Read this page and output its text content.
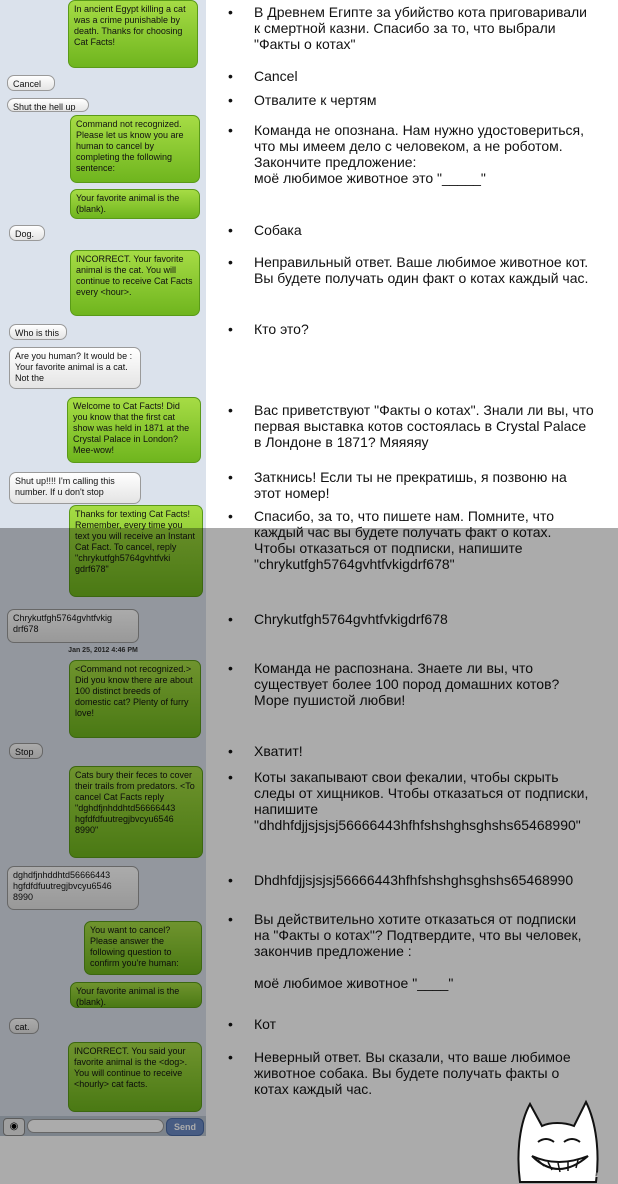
In ancient Egypt killing a cat was a crime punishable by death. Thanks for choosing Cat Facts!
Cancel
Shut the hell up
Command not recognized. Please let us know you are human to cancel by completing the following sentence:
Your favorite animal is the (blank).
Dog.
INCORRECT. Your favorite animal is the cat. You will continue to receive Cat Facts every <hour>.
Who is this
Are you human? It would be : Your favorite animal is a cat. Not the
Welcome to Cat Facts! Did you know that the first cat show was held in 1871 at the Crystal Palace in London? Mee-wow!
Shut up!!!! I'm calling this number. If u don't stop
Thanks for texting Cat Facts! Remember, every time you text you will receive an Instant Cat Fact. To cancel, reply "chrykutfgh5764gvhtfvki gdrf678"
Chrykutfgh5764gvhtfvkig drf678
<Command not recognized.> Did you know there are about 100 distinct breeds of domestic cat? Plenty of furry love!
Stop
Cats bury their feces to cover their trails from predators. <To cancel Cat Facts reply "dghdfjnhddhtd56666443 hgfdfdfuutregjbvcyu6546 8990"
dghdfjnhddhtd56666443 hgfdfdfuutregjbvcyu6546 8990
You want to cancel? Please answer the following question to confirm you're human:
Your favorite animal is the (blank).
cat.
INCORRECT. You said your favorite animal is the <dog>. You will continue to receive <hourly> cat facts.
• В Древнем Египте за убийство кота приговаривали к смертной казни. Спасибо за то, что выбрали "Факты о котах"
• Cancel
• Отвалите к чертям
• Команда не опознана. Нам нужно удостовериться, что мы имеем дело с человеком, а не роботом. Закончите предложение:
моё любимое животное это "_____"
• Собака
• Неправильный ответ. Ваше любимое животное кот. Вы будете получать один факт о котах каждый час.
• Кто это?
• Вас приветствуют "Факты о котах". Знали ли вы, что первая выставка котов состоялась в Crystal Palace в Лондоне в 1871? Мяяяяу
• Заткнись! Если ты не прекратишь, я позвоню на этот номер!
• Спасибо, за то, что пишете нам. Помните, что каждый час вы будете получать факт о котах. Чтобы отказаться от подписки, напишите "chrykutfgh5764gvhtfvkigdrf678"
• Chrykutfgh5764gvhtfvkigdrf678
• Команда не распознана. Знаете ли вы, что существует более 100 пород домашних котов? Море пушистой любви!
• Хватит!
• Коты закапывают свои фекалии, чтобы скрыть следы от хищников. Чтобы отказаться от подписки, напишите "dhdhfdjjsjsjsj56666443hfhfshshghsghshs65468990"
• Dhdhfdjjsjsjsj56666443hfhfshshghsghshs65468990
• Вы действительно хотите отказаться от подписки на "Факты о котах"? Подтвердите, что вы человек, закончив предложение :

моё любимое животное "____"
• Кот
• Неверный ответ. Вы сказали, что ваше любимое животное собака. Вы будете получать факты о котах каждый час.
Jan 25, 2012 4:46 PM
◉	Send
pikabu.ru
